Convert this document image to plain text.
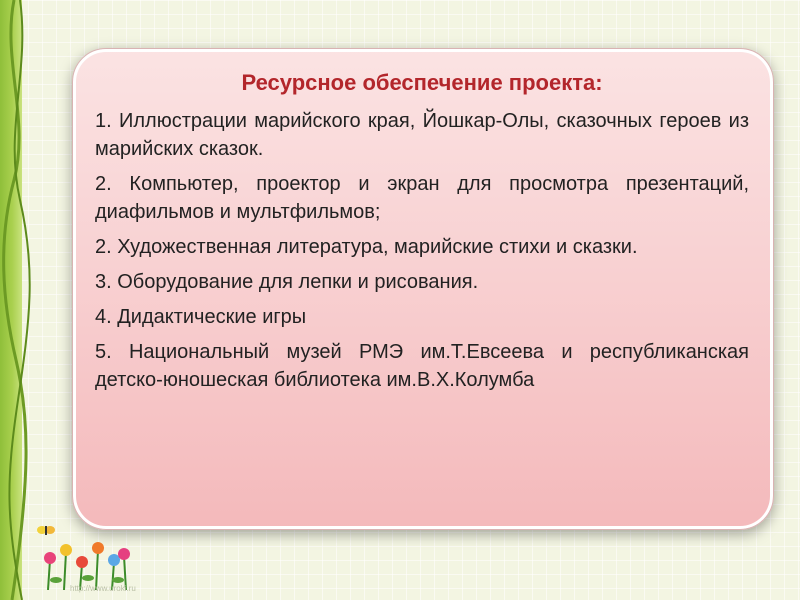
Ресурсное обеспечение проекта:
1. Иллюстрации марийского края, Йошкар-Олы, сказочных героев из марийских сказок.
2. Компьютер, проектор и экран для просмотра презентаций, диафильмов и мультфильмов;
2. Художественная литература, марийские стихи и сказки.
3. Оборудование для лепки и рисования.
4. Дидактические игры
5. Национальный музей РМЭ им.Т.Евсеева и республиканская детско-юношеская библиотека им.В.Х.Колумба
http://www.uroki.ru
